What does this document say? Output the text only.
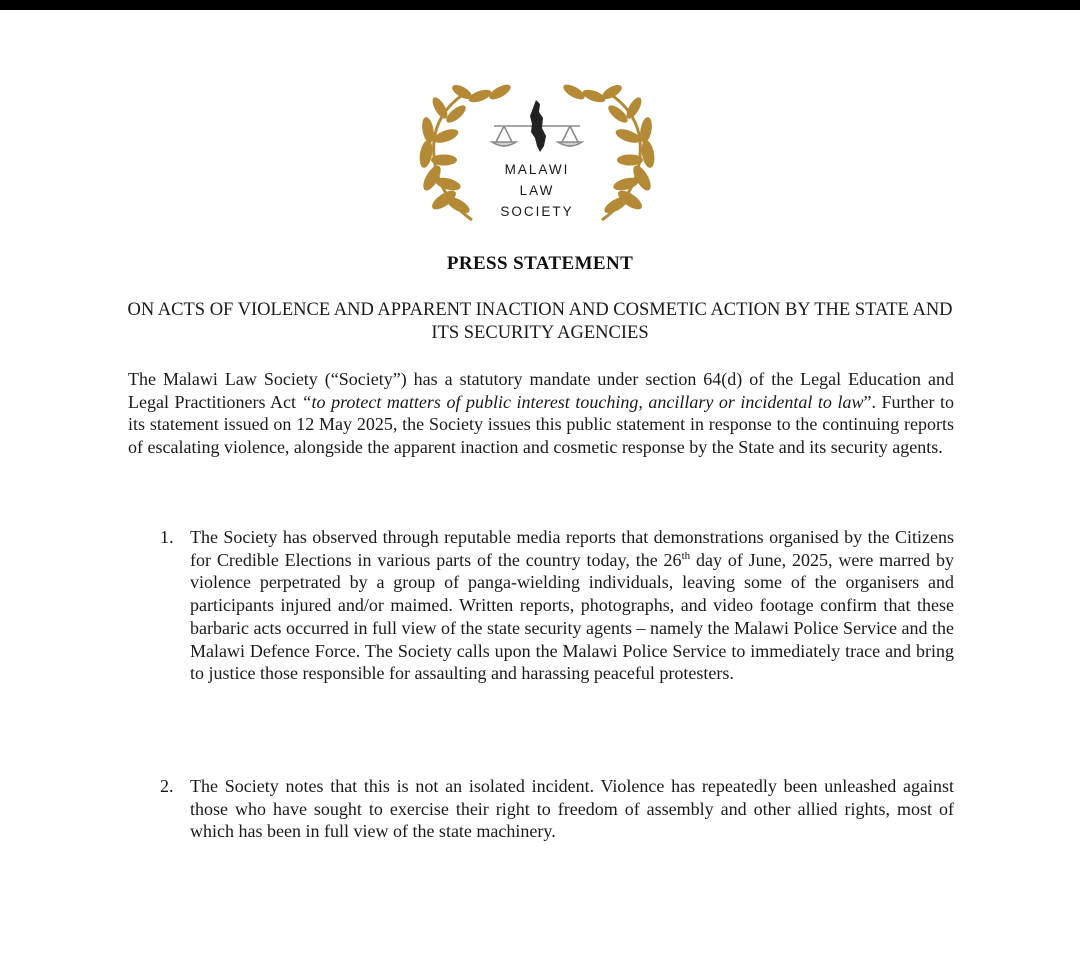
MALAWI
LAW
SOCIETY
PRESS STATEMENT
ON ACTS OF VIOLENCE AND APPARENT INACTION AND COSMETIC ACTION BY THE STATE AND ITS SECURITY AGENCIES

The Malawi Law Society (“Society”) has a statutory mandate under section 64(d) of the Legal Education and Legal Practitioners Act “to protect matters of public interest touching, ancillary or incidental to law”. Further to its statement issued on 12 May 2025, the Society issues this public statement in response to the continuing reports of escalating violence, alongside the apparent inaction and cosmetic response by the State and its security agents.

1. The Society has observed through reputable media reports that demonstrations organised by the Citizens for Credible Elections in various parts of the country today, the 26th day of June, 2025, were marred by violence perpetrated by a group of panga-wielding individuals, leaving some of the organisers and participants injured and/or maimed. Written reports, photographs, and video footage confirm that these barbaric acts occurred in full view of the state security agents – namely the Malawi Police Service and the Malawi Defence Force. The Society calls upon the Malawi Police Service to immediately trace and bring to justice those responsible for assaulting and harassing peaceful protesters.
2. The Society notes that this is not an isolated incident. Violence has repeatedly been unleashed against those who have sought to exercise their right to freedom of assembly and other allied rights, most of which has been in full view of the state machinery.
